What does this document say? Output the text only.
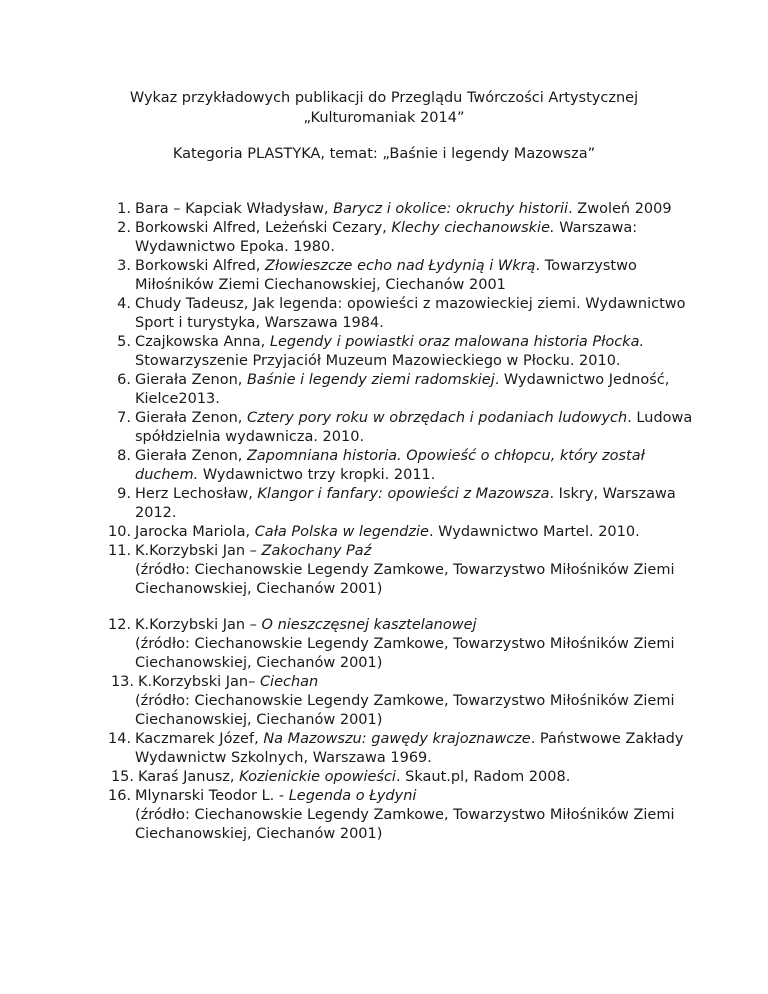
Wykaz przykładowych publikacji do Przeglądu Twórczości Artystycznej

„Kulturomaniak 2014”

Kategoria PLASTYKA, temat: „Baśnie i legendy Mazowsza”

1. Bara – Kapciak Władysław, Barycz i okolice: okruchy historii. Zwoleń 2009
2. Borkowski Alfred, Leżeński Cezary, Klechy ciechanowskie. Warszawa: Wydawnictwo Epoka. 1980.
3. Borkowski Alfred, Złowieszcze echo nad Łydynią i Wkrą. Towarzystwo Miłośników Ziemi Ciechanowskiej, Ciechanów 2001
4. Chudy Tadeusz, Jak legenda: opowieści z mazowieckiej ziemi. Wydawnictwo Sport i turystyka, Warszawa 1984.
5. Czajkowska Anna, Legendy i powiastki oraz malowana historia Płocka. Stowarzyszenie Przyjaciół Muzeum Mazowieckiego w Płocku. 2010.
6. Gierała Zenon, Baśnie i legendy ziemi radomskiej. Wydawnictwo Jedność, Kielce2013.
7. Gierała Zenon, Cztery pory roku w obrzędach i podaniach ludowych. Ludowa spółdzielnia wydawnicza. 2010.
8. Gierała Zenon, Zapomniana historia. Opowieść o chłopcu, który został duchem. Wydawnictwo trzy kropki. 2011.
9. Herz Lechosław, Klangor i fanfary: opowieści z Mazowsza. Iskry, Warszawa 2012.
10. Jarocka Mariola, Cała Polska w legendzie. Wydawnictwo Martel. 2010.
11. K.Korzybski Jan – Zakochany Paź
(źródło: Ciechanowskie Legendy Zamkowe, Towarzystwo Miłośników Ziemi Ciechanowskiej, Ciechanów 2001)
12. K.Korzybski Jan – O nieszczęsnej kasztelanowej
(źródło: Ciechanowskie Legendy Zamkowe, Towarzystwo Miłośników Ziemi Ciechanowskiej, Ciechanów 2001)
13. K.Korzybski Jan– Ciechan
(źródło: Ciechanowskie Legendy Zamkowe, Towarzystwo Miłośników Ziemi Ciechanowskiej, Ciechanów 2001)
14. Kaczmarek Józef, Na Mazowszu: gawędy krajoznawcze. Państwowe Zakłady Wydawnictw Szkolnych, Warszawa 1969.
15. Karaś Janusz, Kozienickie opowieści. Skaut.pl, Radom 2008.
16. Mlynarski Teodor L. - Legenda o Łydyni
(źródło: Ciechanowskie Legendy Zamkowe, Towarzystwo Miłośników Ziemi Ciechanowskiej, Ciechanów 2001)
